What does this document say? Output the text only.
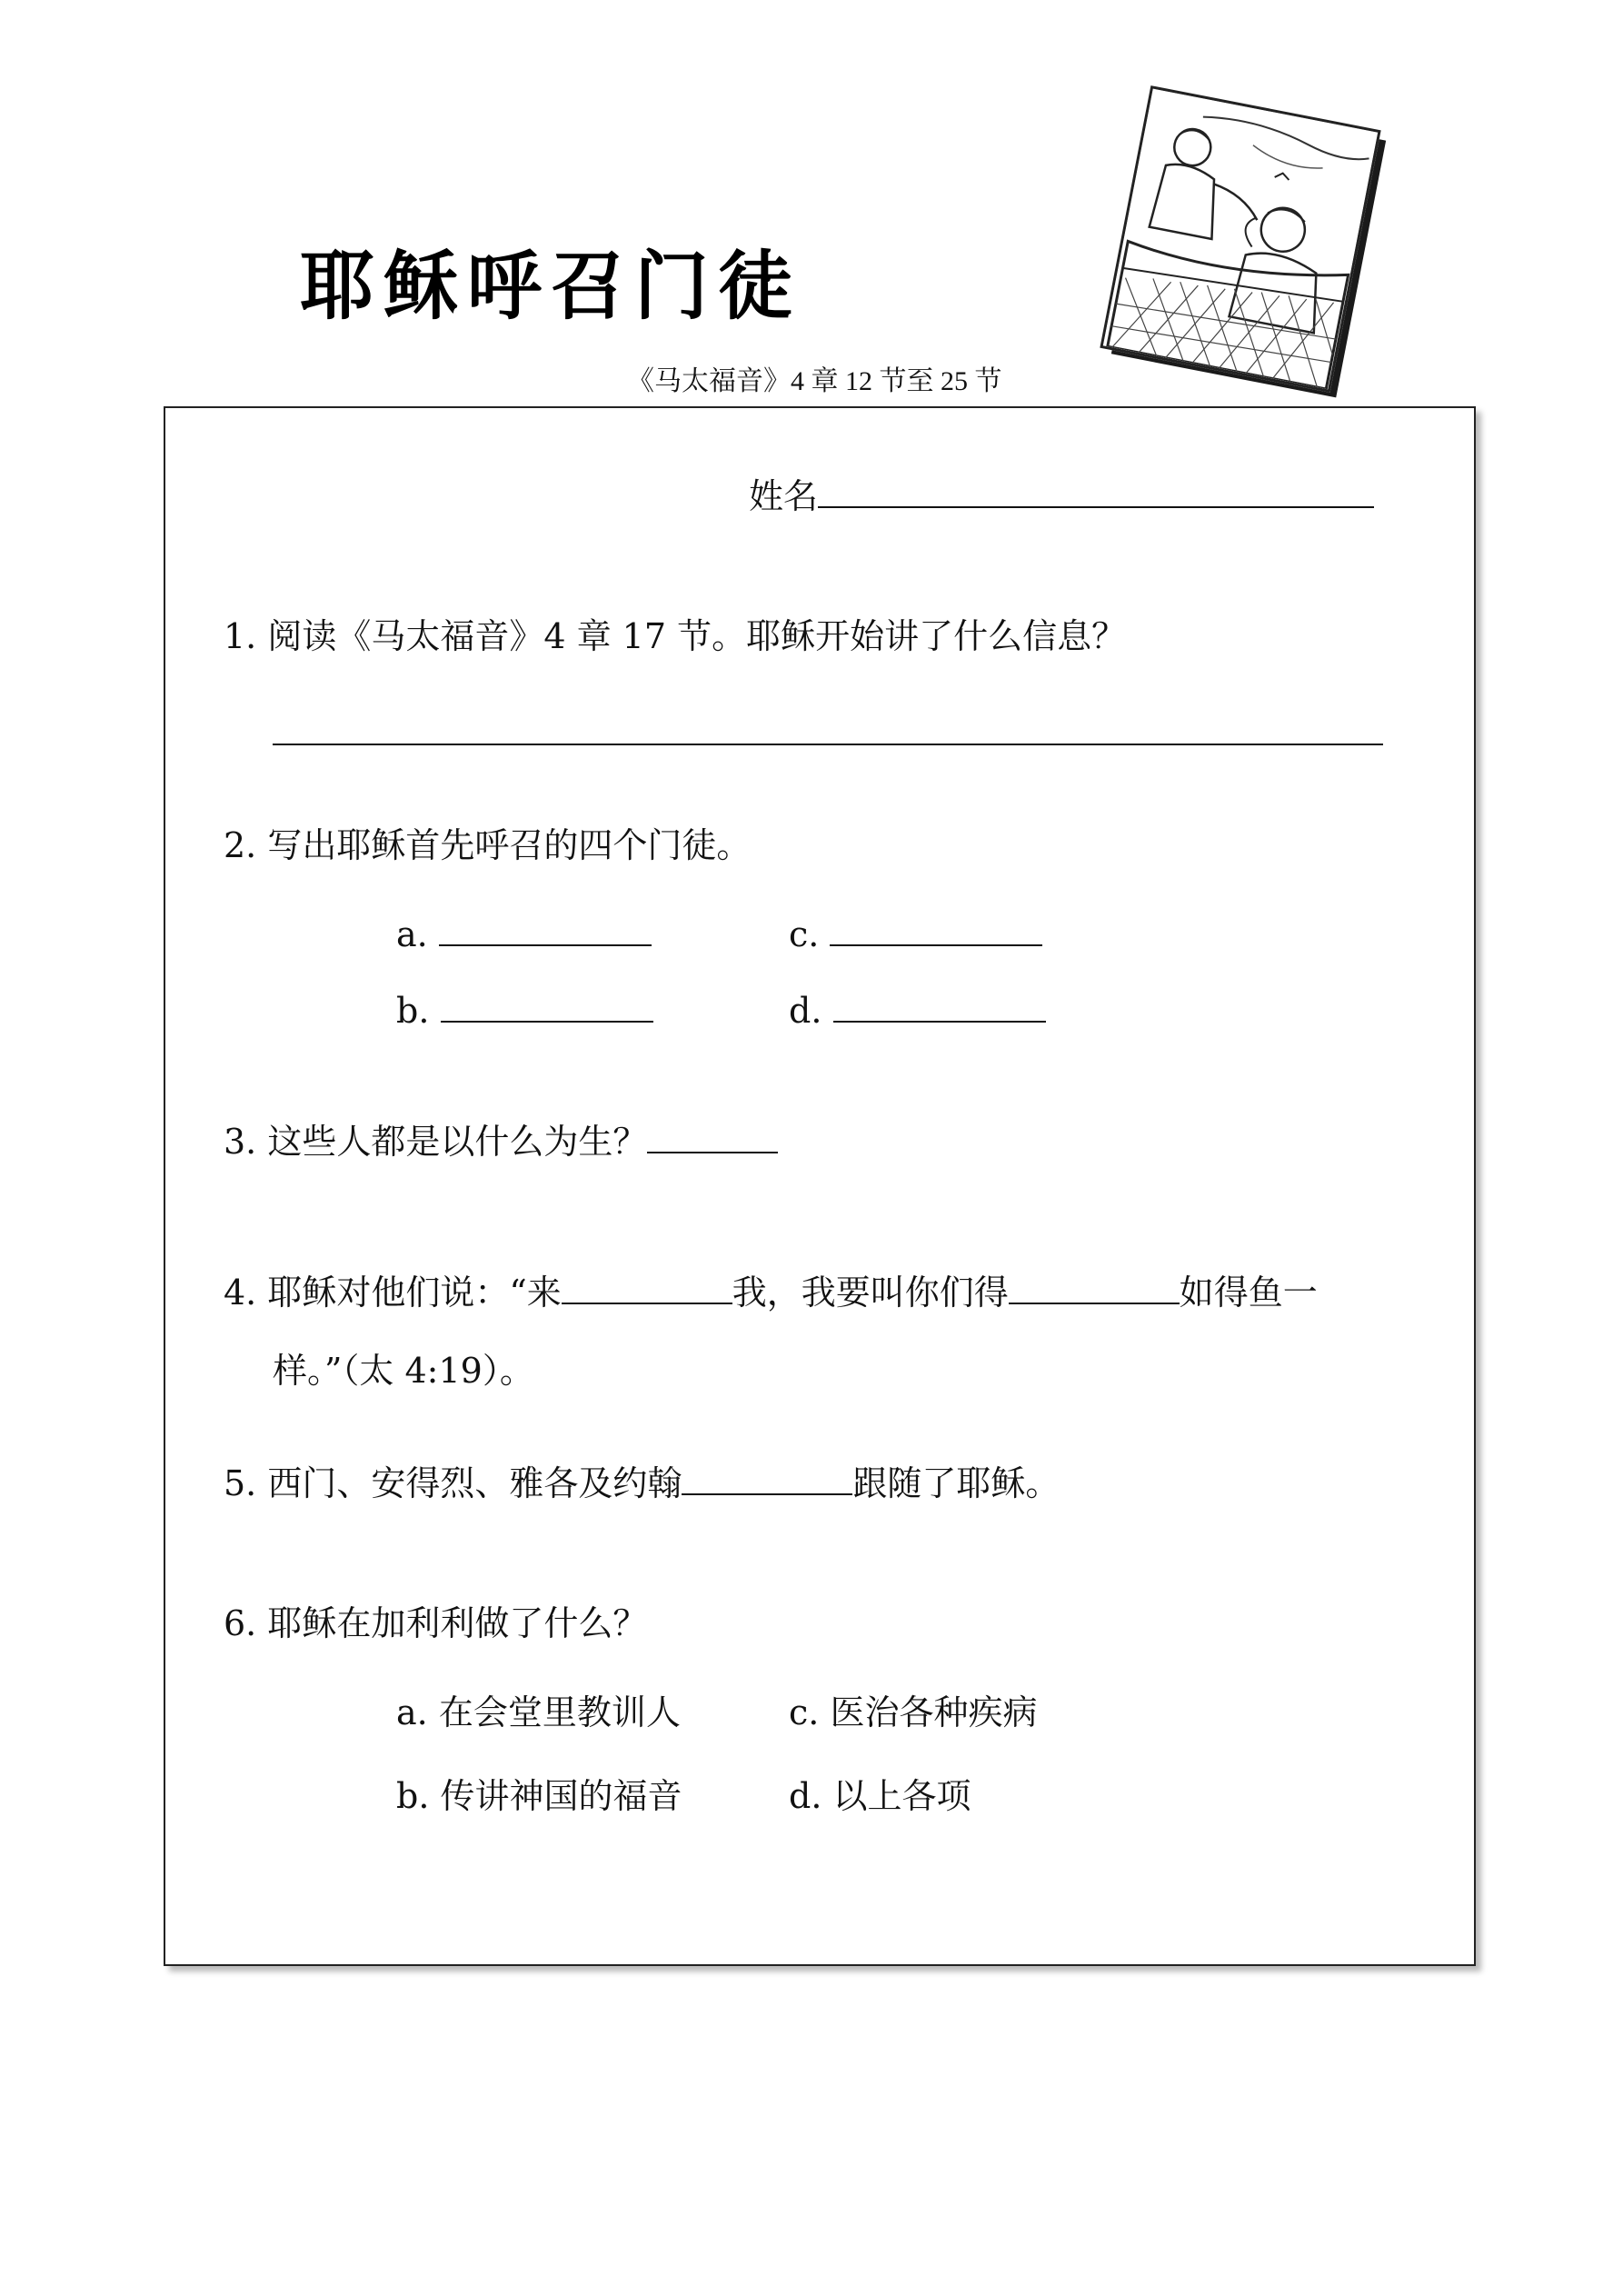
耶稣呼召门徒
《马太福音》4 章 12 节至 25 节
姓名
1. 阅读《马太福音》4 章 17 节。耶稣开始讲了什么信息？
2. 写出耶稣首先呼召的四个门徒。
a.	c.
b.	d.
3. 这些人都是以什么为生？
4. 耶稣对他们说：“来	我，我要叫你们得	如得鱼一
样。”（太 4:19）。
5. 西门、安得烈、雅各及约翰	跟随了耶稣。
6. 耶稣在加利利做了什么？
a. 在会堂里教训人	c. 医治各种疾病
b. 传讲神国的福音	d. 以上各项
